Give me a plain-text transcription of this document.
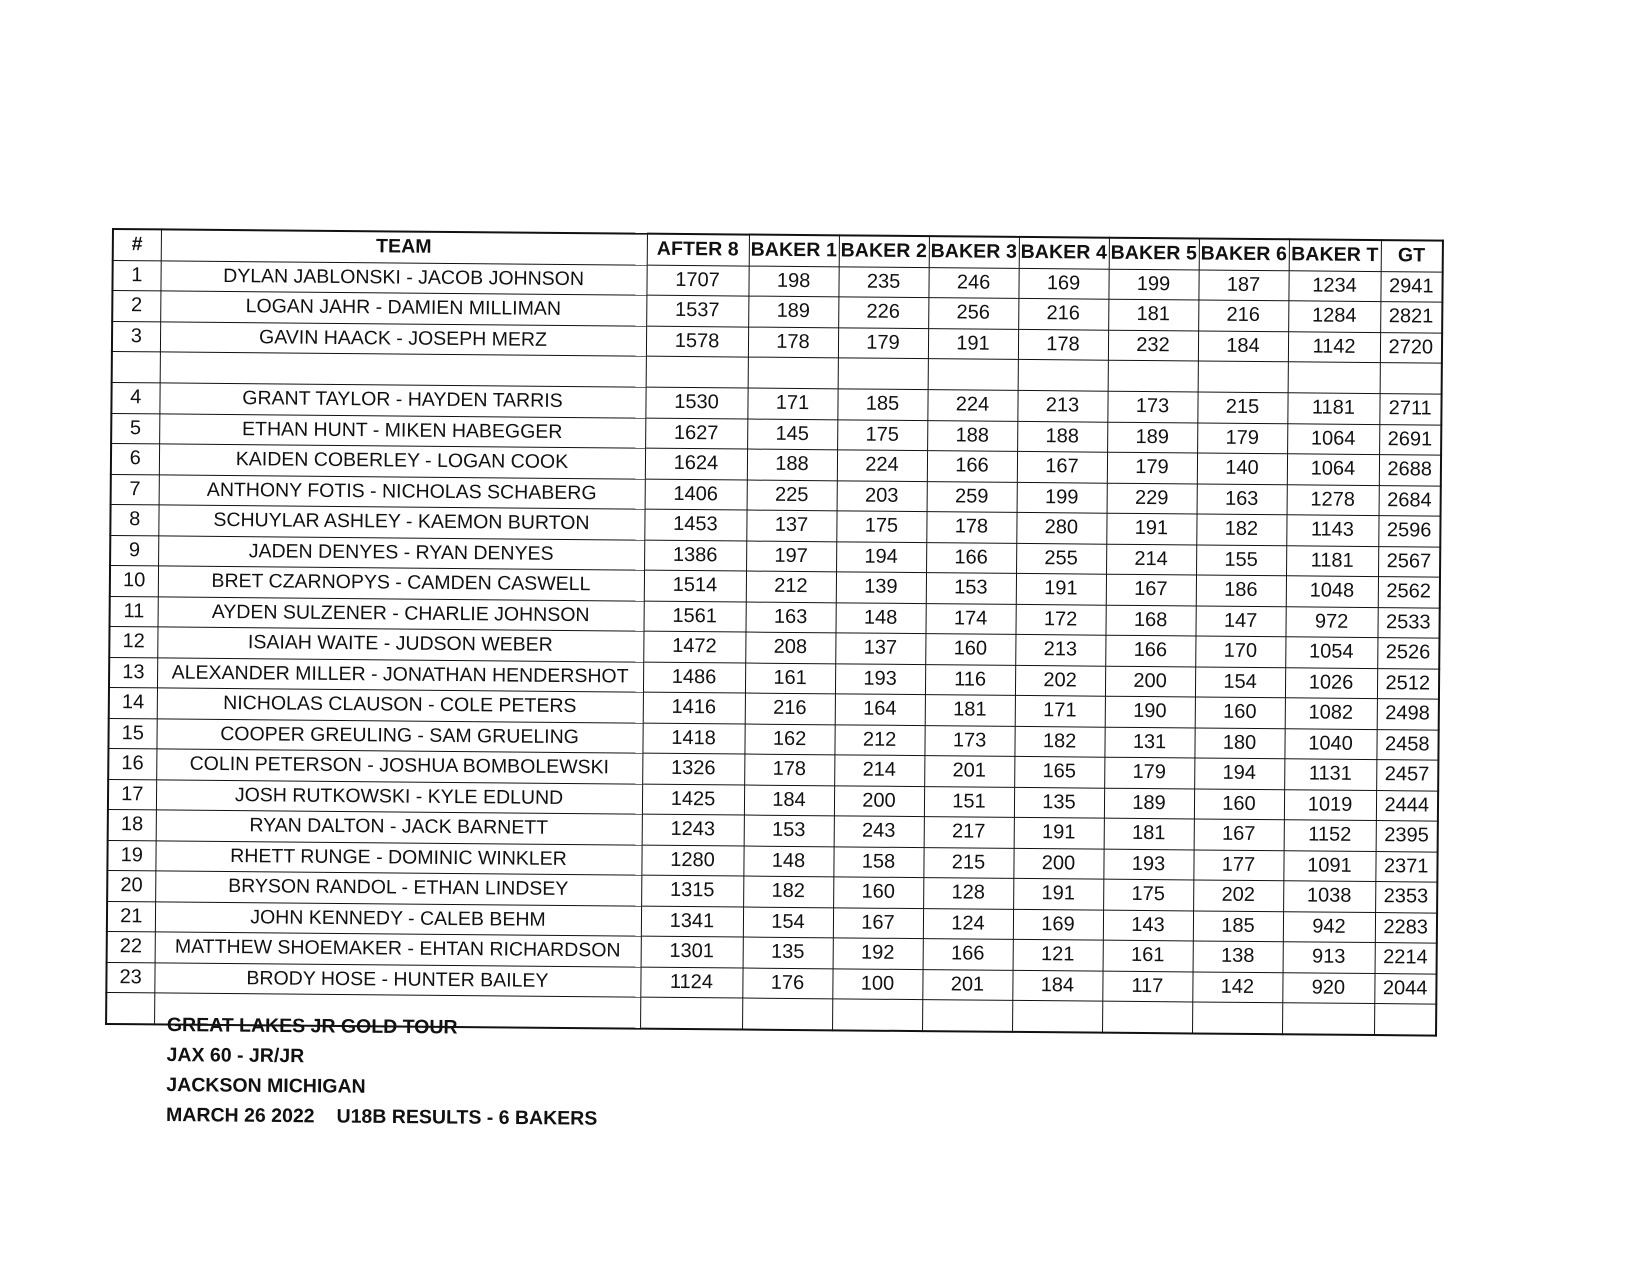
#	TEAM	AFTER 8	BAKER 1	BAKER 2	BAKER 3	BAKER 4	BAKER 5	BAKER 6	BAKER T	GT
1	DYLAN JABLONSKI - JACOB JOHNSON	1707	198	235	246	169	199	187	1234	2941
2	LOGAN JAHR - DAMIEN MILLIMAN	1537	189	226	256	216	181	216	1284	2821
3	GAVIN HAACK - JOSEPH MERZ	1578	178	179	191	178	232	184	1142	2720

4	GRANT TAYLOR - HAYDEN TARRIS	1530	171	185	224	213	173	215	1181	2711
5	ETHAN HUNT - MIKEN HABEGGER	1627	145	175	188	188	189	179	1064	2691
6	KAIDEN COBERLEY - LOGAN COOK	1624	188	224	166	167	179	140	1064	2688
7	ANTHONY FOTIS - NICHOLAS SCHABERG	1406	225	203	259	199	229	163	1278	2684
8	SCHUYLAR ASHLEY - KAEMON BURTON	1453	137	175	178	280	191	182	1143	2596
9	JADEN DENYES - RYAN DENYES	1386	197	194	166	255	214	155	1181	2567
10	BRET CZARNOPYS - CAMDEN CASWELL	1514	212	139	153	191	167	186	1048	2562
11	AYDEN SULZENER - CHARLIE JOHNSON	1561	163	148	174	172	168	147	972	2533
12	ISAIAH WAITE - JUDSON WEBER	1472	208	137	160	213	166	170	1054	2526
13	ALEXANDER MILLER - JONATHAN HENDERSHOT	1486	161	193	116	202	200	154	1026	2512
14	NICHOLAS CLAUSON - COLE PETERS	1416	216	164	181	171	190	160	1082	2498
15	COOPER GREULING - SAM GRUELING	1418	162	212	173	182	131	180	1040	2458
16	COLIN PETERSON - JOSHUA BOMBOLEWSKI	1326	178	214	201	165	179	194	1131	2457
17	JOSH RUTKOWSKI - KYLE EDLUND	1425	184	200	151	135	189	160	1019	2444
18	RYAN DALTON - JACK BARNETT	1243	153	243	217	191	181	167	1152	2395
19	RHETT RUNGE - DOMINIC WINKLER	1280	148	158	215	200	193	177	1091	2371
20	BRYSON RANDOL - ETHAN LINDSEY	1315	182	160	128	191	175	202	1038	2353
21	JOHN KENNEDY - CALEB BEHM	1341	154	167	124	169	143	185	942	2283
22	MATTHEW SHOEMAKER - EHTAN RICHARDSON	1301	135	192	166	121	161	138	913	2214
23	BRODY HOSE - HUNTER BAILEY	1124	176	100	201	184	117	142	920	2044

GREAT LAKES JR GOLD TOUR
JAX 60 - JR/JR
JACKSON MICHIGAN
MARCH 26 2022 U18B RESULTS - 6 BAKERS
